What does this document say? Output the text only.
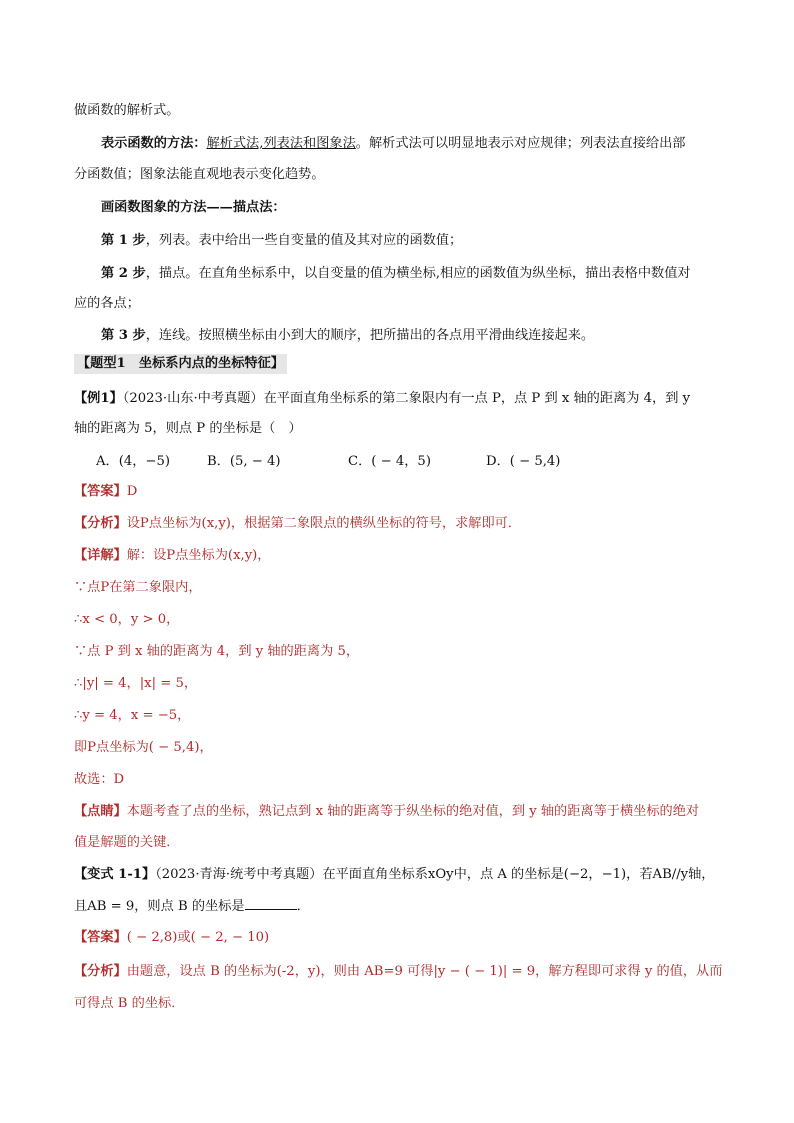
做函数的解析式。
表示函数的方法：解析式法,列表法和图象法。解析式法可以明显地表示对应规律；列表法直接给出部
分函数值；图象法能直观地表示变化趋势。
画函数图象的方法——描点法：
第 1 步，列表。表中给出一些自变量的值及其对应的函数值；
第 2 步，描点。在直角坐标系中，以自变量的值为横坐标,相应的函数值为纵坐标，描出表格中数值对
应的各点；
第 3 步，连线。按照横坐标由小到大的顺序，把所描出的各点用平滑曲线连接起来。
【题型1　坐标系内点的坐标特征】
【例1】（2023·山东·中考真题）在平面直角坐标系的第二象限内有一点 P，点 P 到 x 轴的距离为 4，到 y
轴的距离为 5，则点 P 的坐标是（　）
A．(4，−5)	B．(5, − 4)	C．( − 4，5)	D．( − 5,4)
【答案】D
【分析】设P点坐标为(x,y)，根据第二象限点的横纵坐标的符号，求解即可．
【详解】解：设P点坐标为(x,y)，
∵点P在第二象限内，
∴x < 0，y > 0，
∵点 P 到 x 轴的距离为 4，到 y 轴的距离为 5，
∴|y| = 4，|x| = 5，
∴y = 4，x = −5，
即P点坐标为( − 5,4)，
故选：D
【点睛】本题考查了点的坐标，熟记点到 x 轴的距离等于纵坐标的绝对值，到 y 轴的距离等于横坐标的绝对
值是解题的关键．
【变式 1-1】（2023·青海·统考中考真题）在平面直角坐标系xOy中，点 A 的坐标是(−2，−1)，若AB//y轴，
且AB = 9，则点 B 的坐标是	．
【答案】( − 2,8)或( − 2, − 10)
【分析】由题意，设点 B 的坐标为(-2，y)，则由 AB=9 可得|y − ( − 1)| = 9，解方程即可求得 y 的值，从而
可得点 B 的坐标．
